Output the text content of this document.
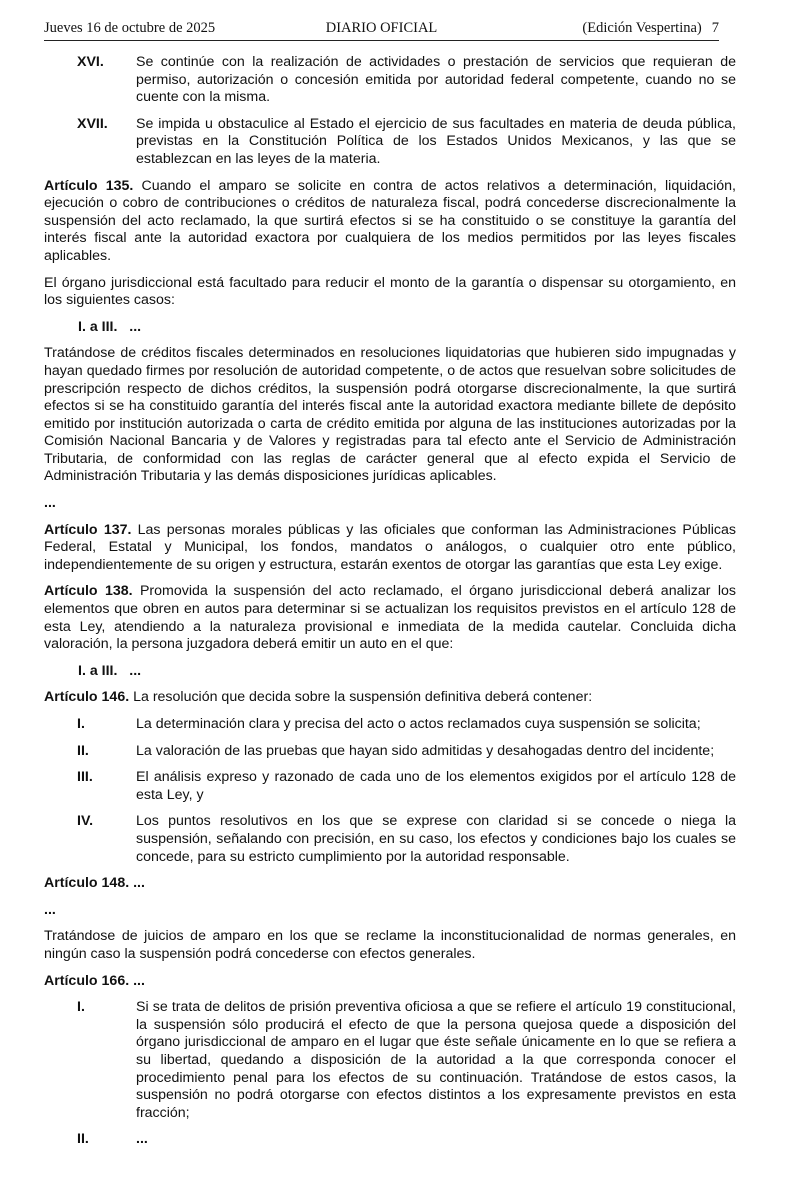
Jueves 16 de octubre de 2025	DIARIO OFICIAL	(Edición Vespertina) 7

XVI. Se continúe con la realización de actividades o prestación de servicios que requieran de permiso, autorización o concesión emitida por autoridad federal competente, cuando no se cuente con la misma.

XVII. Se impida u obstaculice al Estado el ejercicio de sus facultades en materia de deuda pública, previstas en la Constitución Política de los Estados Unidos Mexicanos, y las que se establezcan en las leyes de la materia.

Artículo 135. Cuando el amparo se solicite en contra de actos relativos a determinación, liquidación, ejecución o cobro de contribuciones o créditos de naturaleza fiscal, podrá concederse discrecionalmente la suspensión del acto reclamado, la que surtirá efectos si se ha constituido o se constituye la garantía del interés fiscal ante la autoridad exactora por cualquiera de los medios permitidos por las leyes fiscales aplicables.

El órgano jurisdiccional está facultado para reducir el monto de la garantía o dispensar su otorgamiento, en los siguientes casos:

I. a III.   ...

Tratándose de créditos fiscales determinados en resoluciones liquidatorias que hubieren sido impugnadas y hayan quedado firmes por resolución de autoridad competente, o de actos que resuelvan sobre solicitudes de prescripción respecto de dichos créditos, la suspensión podrá otorgarse discrecionalmente, la que surtirá efectos si se ha constituido garantía del interés fiscal ante la autoridad exactora mediante billete de depósito emitido por institución autorizada o carta de crédito emitida por alguna de las instituciones autorizadas por la Comisión Nacional Bancaria y de Valores y registradas para tal efecto ante el Servicio de Administración Tributaria, de conformidad con las reglas de carácter general que al efecto expida el Servicio de Administración Tributaria y las demás disposiciones jurídicas aplicables.

...

Artículo 137. Las personas morales públicas y las oficiales que conforman las Administraciones Públicas Federal, Estatal y Municipal, los fondos, mandatos o análogos, o cualquier otro ente público, independientemente de su origen y estructura, estarán exentos de otorgar las garantías que esta Ley exige.

Artículo 138. Promovida la suspensión del acto reclamado, el órgano jurisdiccional deberá analizar los elementos que obren en autos para determinar si se actualizan los requisitos previstos en el artículo 128 de esta Ley, atendiendo a la naturaleza provisional e inmediata de la medida cautelar. Concluida dicha valoración, la persona juzgadora deberá emitir un auto en el que:

I. a III.   ...

Artículo 146. La resolución que decida sobre la suspensión definitiva deberá contener:

I.	La determinación clara y precisa del acto o actos reclamados cuya suspensión se solicita;

II.	La valoración de las pruebas que hayan sido admitidas y desahogadas dentro del incidente;

III.	El análisis expreso y razonado de cada uno de los elementos exigidos por el artículo 128 de esta Ley, y

IV.	Los puntos resolutivos en los que se exprese con claridad si se concede o niega la suspensión, señalando con precisión, en su caso, los efectos y condiciones bajo los cuales se concede, para su estricto cumplimiento por la autoridad responsable.

Artículo 148. ...

...

Tratándose de juicios de amparo en los que se reclame la inconstitucionalidad de normas generales, en ningún caso la suspensión podrá concederse con efectos generales.

Artículo 166. ...

I.	Si se trata de delitos de prisión preventiva oficiosa a que se refiere el artículo 19 constitucional, la suspensión sólo producirá el efecto de que la persona quejosa quede a disposición del órgano jurisdiccional de amparo en el lugar que éste señale únicamente en lo que se refiera a su libertad, quedando a disposición de la autoridad a la que corresponda conocer el procedimiento penal para los efectos de su continuación. Tratándose de estos casos, la suspensión no podrá otorgarse con efectos distintos a los expresamente previstos en esta fracción;

II.	...
